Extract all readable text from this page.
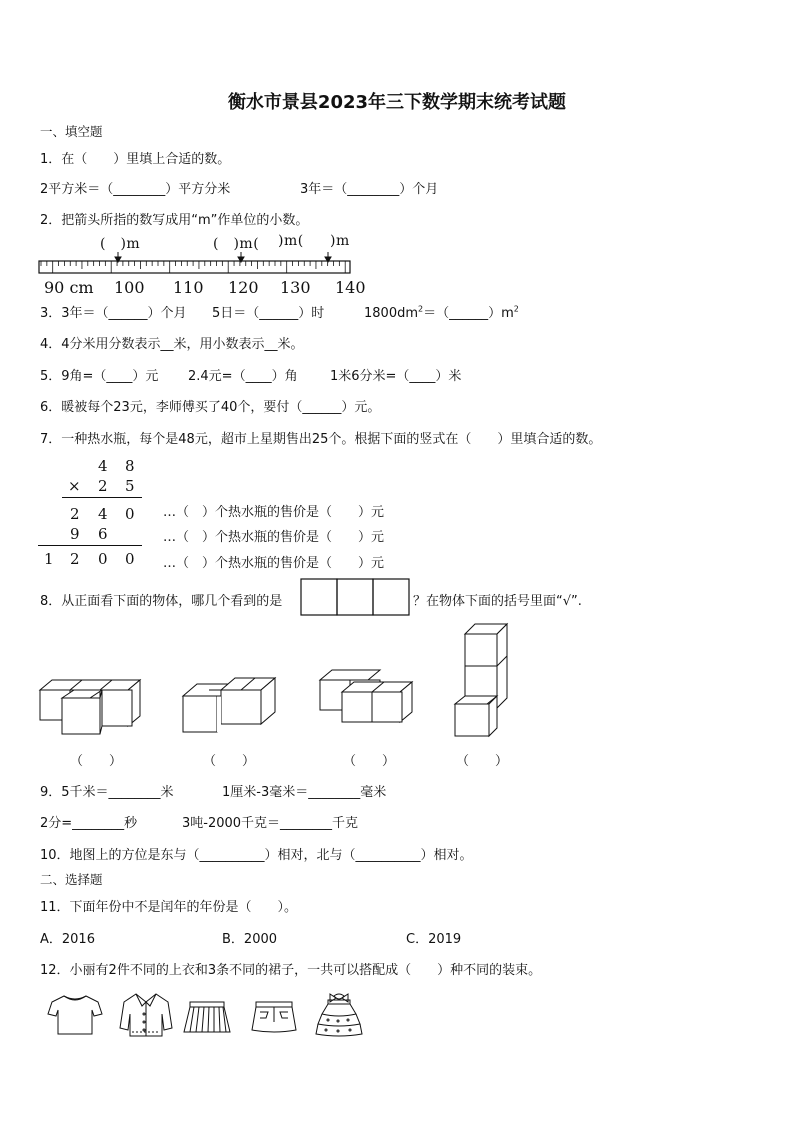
衡水市景县2023年三下数学期末统考试题
一、填空题
1．在（　　）里填上合适的数。
2平方米＝（________）平方分米	3年＝（________）个月
2．把箭头所指的数写成用“m”作单位的小数。
(　)m	(　)m( )m( )m
90 cm 100 110 120 130 140
3．3年＝（______）个月 5日＝（______）时	$1800dm^2=(\_\_\_\_\_\_)m^2$
4．4分米用分数表示__米，用小数表示__米。
5．9角=（____）元 2.4元=（____）角 1米6分米=（____）米
6．暖被每个23元，李师傅买了40个，要付（______）元。
7．一种热水瓶，每个是48元，超市上星期售出25个。根据下面的竖式在（　　）里填合适的数。
4 8
× 2 5
2 4 0
9 6
1 2 0 0
…（　）个热水瓶的售价是（　　）元
…（　）个热水瓶的售价是（　　）元
…（　）个热水瓶的售价是（　　）元
8．从正面看下面的物体，哪几个看到的是	？在物体下面的括号里面“√”.
（　　）	（　　）	（　　）	（　　）
9．5千米＝________米	1厘米-3毫米＝________毫米
2分=________秒	3吨-2000千克＝________千克
10．地图上的方位是东与（__________）相对，北与（__________）相对。
二、选择题
11．下面年份中不是闰年的年份是（　　）。
A．2016	B．2000	C．2019
12．小丽有2件不同的上衣和3条不同的裙子，一共可以搭配成（　　）种不同的装束。
